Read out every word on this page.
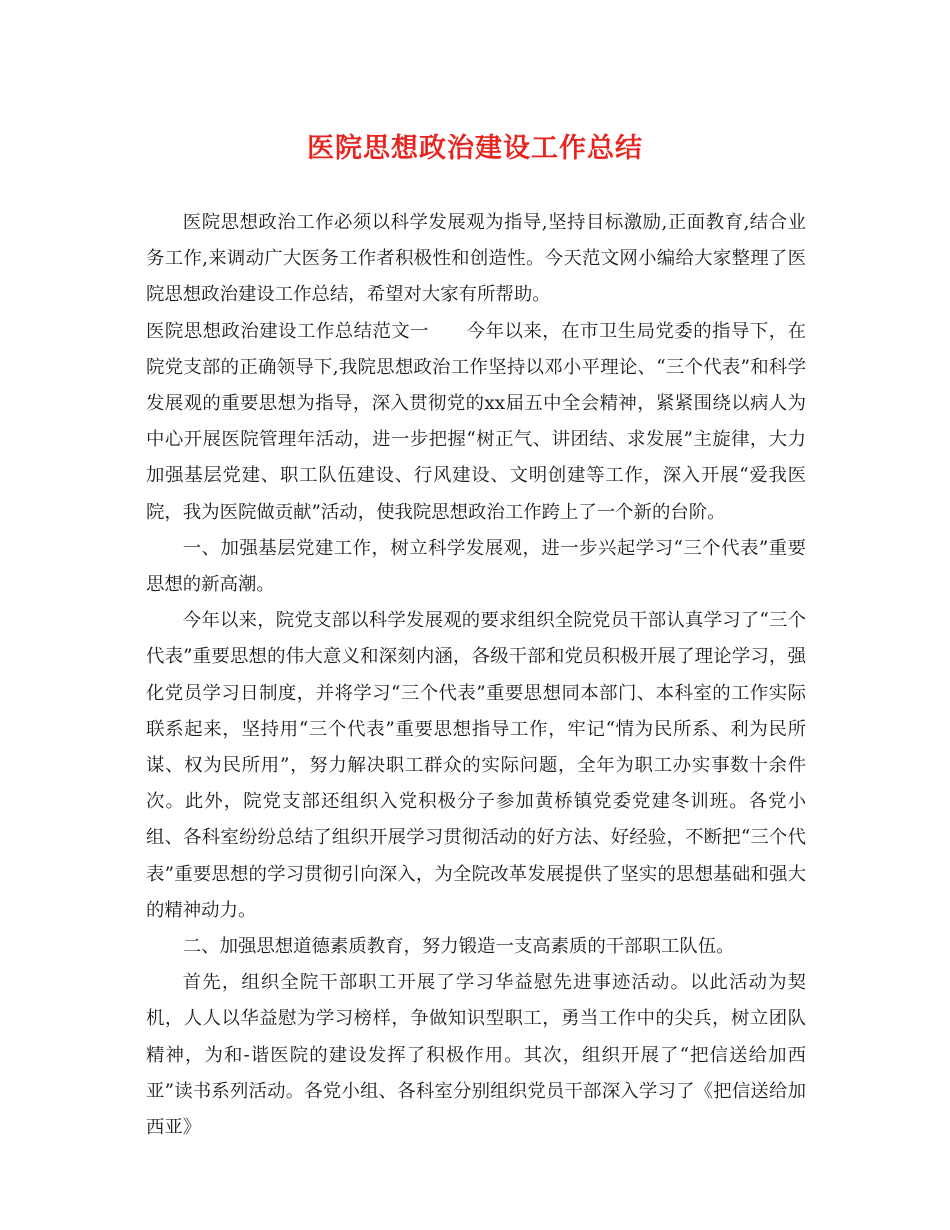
医院思想政治建设工作总结

医院思想政治工作必须以科学发展观为指导,坚持目标激励,正面教育,结合业务工作,来调动广大医务工作者积极性和创造性。今天范文网小编给大家整理了医院思想政治建设工作总结，希望对大家有所帮助。

医院思想政治建设工作总结范文一　　今年以来，在市卫生局党委的指导下，在院党支部的正确领导下,我院思想政治工作坚持以邓小平理论、“三个代表”和科学发展观的重要思想为指导，深入贯彻党的xx届五中全会精神，紧紧围绕以病人为中心开展医院管理年活动，进一步把握“树正气、讲团结、求发展”主旋律，大力加强基层党建、职工队伍建设、行风建设、文明创建等工作，深入开展“爱我医院，我为医院做贡献”活动，使我院思想政治工作跨上了一个新的台阶。

一、加强基层党建工作，树立科学发展观，进一步兴起学习“三个代表”重要思想的新高潮。

今年以来，院党支部以科学发展观的要求组织全院党员干部认真学习了“三个代表”重要思想的伟大意义和深刻内涵，各级干部和党员积极开展了理论学习，强化党员学习日制度，并将学习“三个代表”重要思想同本部门、本科室的工作实际联系起来，坚持用“三个代表”重要思想指导工作，牢记“情为民所系、利为民所谋、权为民所用”，努力解决职工群众的实际问题，全年为职工办实事数十余件次。此外，院党支部还组织入党积极分子参加黄桥镇党委党建冬训班。各党小组、各科室纷纷总结了组织开展学习贯彻活动的好方法、好经验，不断把“三个代表”重要思想的学习贯彻引向深入，为全院改革发展提供了坚实的思想基础和强大的精神动力。

二、加强思想道德素质教育，努力锻造一支高素质的干部职工队伍。

首先，组织全院干部职工开展了学习华益慰先进事迹活动。以此活动为契机，人人以华益慰为学习榜样，争做知识型职工，勇当工作中的尖兵，树立团队精神，为和-谐医院的建设发挥了积极作用。其次，组织开展了“把信送给加西亚”读书系列活动。各党小组、各科室分别组织党员干部深入学习了《把信送给加西亚》
